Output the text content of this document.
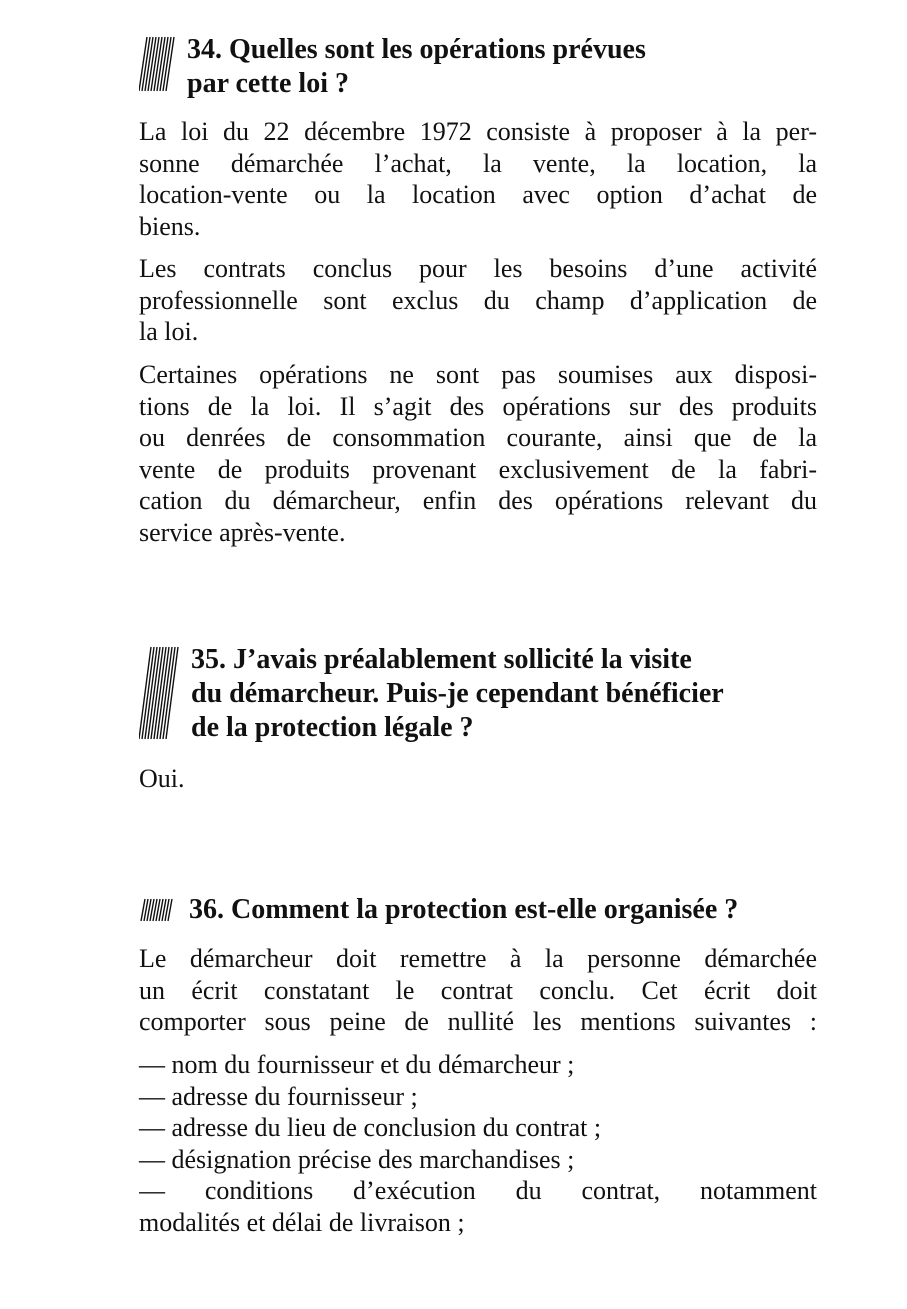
34. Quelles sont les opérations prévues
par cette loi ?
La loi du 22 décembre 1972 consiste à proposer à la per-
sonne démarchée l’achat, la vente, la location, la
location-vente ou la location avec option d’achat de
biens.
Les contrats conclus pour les besoins d’une activité
professionnelle sont exclus du champ d’application de
la loi.
Certaines opérations ne sont pas soumises aux disposi-
tions de la loi. Il s’agit des opérations sur des produits
ou denrées de consommation courante, ainsi que de la
vente de produits provenant exclusivement de la fabri-
cation du démarcheur, enfin des opérations relevant du
service après-vente.
35. J’avais préalablement sollicité la visite
du démarcheur. Puis-je cependant bénéficier
de la protection légale ?
Oui.
36. Comment la protection est-elle organisée ?
Le démarcheur doit remettre à la personne démarchée
un écrit constatant le contrat conclu. Cet écrit doit
comporter sous peine de nullité les mentions suivantes :
— nom du fournisseur et du démarcheur ;
— adresse du fournisseur ;
— adresse du lieu de conclusion du contrat ;
— désignation précise des marchandises ;
— conditions d’exécution du contrat, notamment
modalités et délai de livraison ;
